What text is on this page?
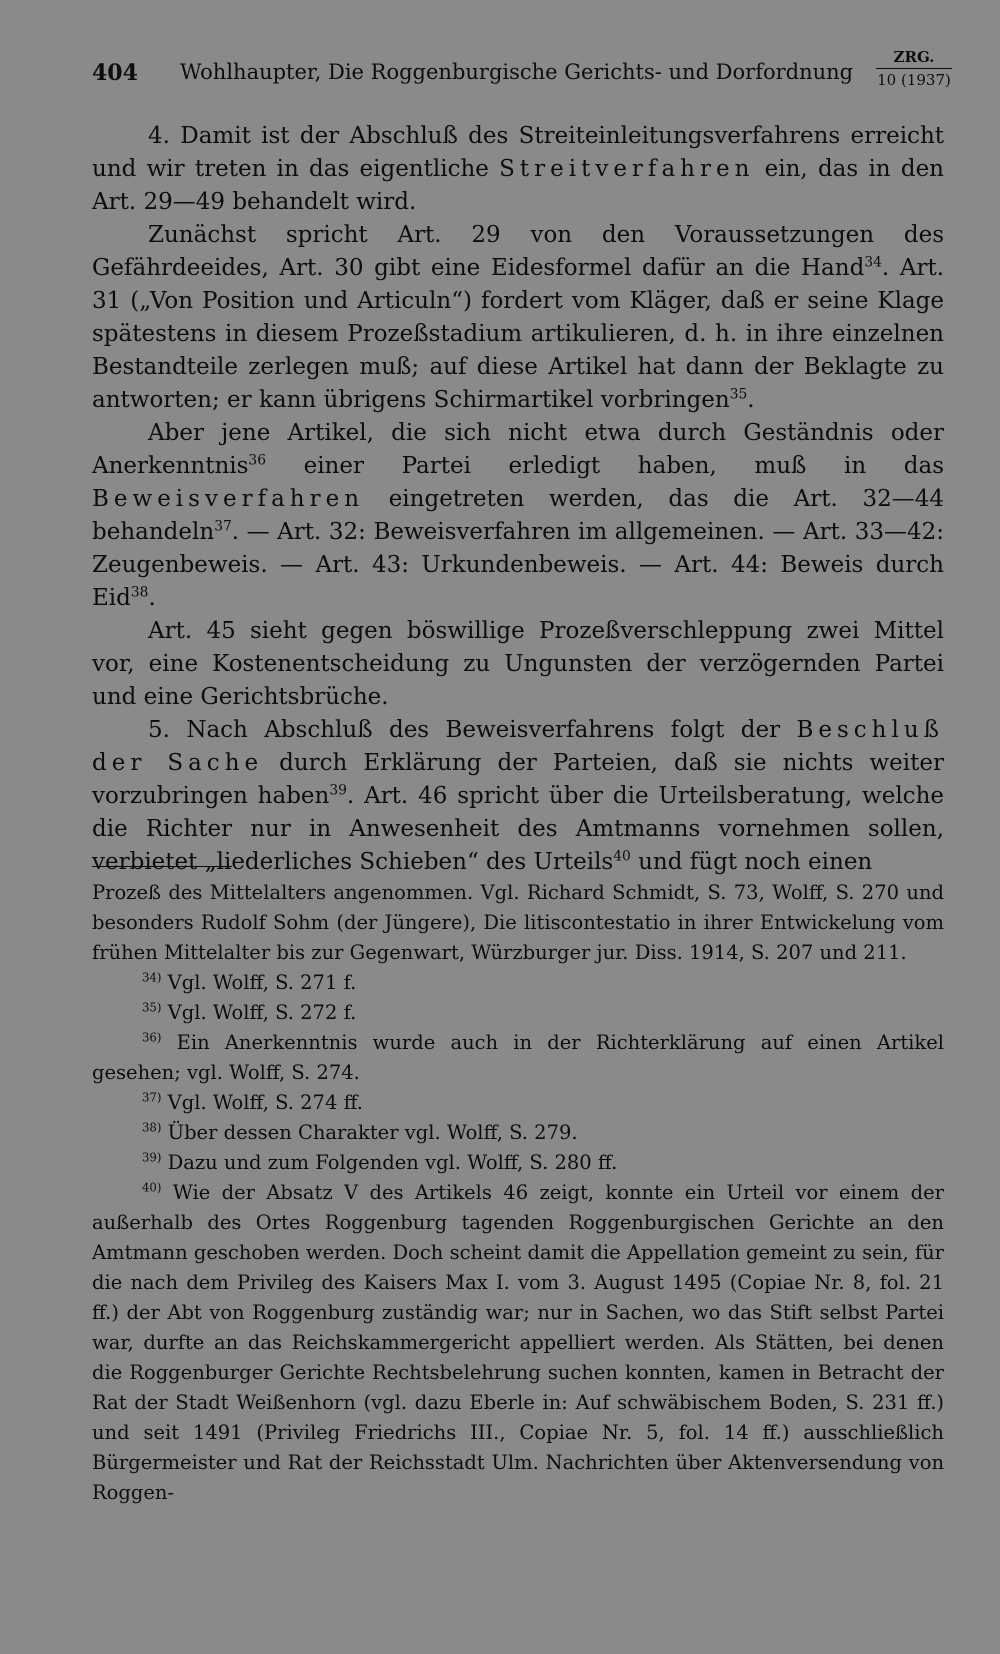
404 Wohlhaupter, Die Roggenburgische Gerichts- und Dorfordnung
ZRG.
10 (1937)

4. Damit ist der Abschluß des Streiteinleitungsverfahrens erreicht und wir treten in das eigentliche Streitverfahren ein, das in den Art. 29—49 behandelt wird.

Zunächst spricht Art. 29 von den Voraussetzungen des Gefährdeeides, Art. 30 gibt eine Eidesformel dafür an die Hand$^{34}$. Art. 31 („Von Position und Articuln“) fordert vom Kläger, daß er seine Klage spätestens in diesem Prozeßstadium artikulieren, d. h. in ihre einzelnen Bestandteile zerlegen muß; auf diese Artikel hat dann der Beklagte zu antworten; er kann übrigens Schirmartikel vorbringen$^{35}$.

Aber jene Artikel, die sich nicht etwa durch Geständnis oder Anerkenntnis$^{36}$ einer Partei erledigt haben, muß in das Beweisverfahren eingetreten werden, das die Art. 32—44 behandeln$^{37}$. — Art. 32: Beweisverfahren im allgemeinen. — Art. 33—42: Zeugenbeweis. — Art. 43: Urkundenbeweis. — Art. 44: Beweis durch Eid$^{38}$.

Art. 45 sieht gegen böswillige Prozeßverschleppung zwei Mittel vor, eine Kostenentscheidung zu Ungunsten der verzögernden Partei und eine Gerichtsbrüche.

5. Nach Abschluß des Beweisverfahrens folgt der Beschluß der Sache durch Erklärung der Parteien, daß sie nichts weiter vorzubringen haben$^{39}$. Art. 46 spricht über die Urteilsberatung, welche die Richter nur in Anwesenheit des Amtmanns vornehmen sollen, verbietet „liederliches Schieben“ des Urteils$^{40}$ und fügt noch einen

Prozeß des Mittelalters angenommen. Vgl. Richard Schmidt, S. 73, Wolff, S. 270 und besonders Rudolf Sohm (der Jüngere), Die litiscontestatio in ihrer Entwickelung vom frühen Mittelalter bis zur Gegenwart, Würzburger jur. Diss. 1914, S. 207 und 211.

$^{34)}$ Vgl. Wolff, S. 271 f.

$^{35)}$ Vgl. Wolff, S. 272 f.

$^{36)}$ Ein Anerkenntnis wurde auch in der Richterklärung auf einen Artikel gesehen; vgl. Wolff, S. 274.

$^{37)}$ Vgl. Wolff, S. 274 ff.

$^{38)}$ Über dessen Charakter vgl. Wolff, S. 279.

$^{39)}$ Dazu und zum Folgenden vgl. Wolff, S. 280 ff.

$^{40)}$ Wie der Absatz V des Artikels 46 zeigt, konnte ein Urteil vor einem der außerhalb des Ortes Roggenburg tagenden Roggenburgischen Gerichte an den Amtmann geschoben werden. Doch scheint damit die Appellation gemeint zu sein, für die nach dem Privileg des Kaisers Max I. vom 3. August 1495 (Copiae Nr. 8, fol. 21 ff.) der Abt von Roggenburg zuständig war; nur in Sachen, wo das Stift selbst Partei war, durfte an das Reichskammergericht appelliert werden. Als Stätten, bei denen die Roggenburger Gerichte Rechtsbelehrung suchen konnten, kamen in Betracht der Rat der Stadt Weißenhorn (vgl. dazu Eberle in: Auf schwäbischem Boden, S. 231 ff.) und seit 1491 (Privileg Friedrichs III., Copiae Nr. 5, fol. 14 ff.) ausschließlich Bürgermeister und Rat der Reichsstadt Ulm. Nachrichten über Aktenversendung von Roggen-
